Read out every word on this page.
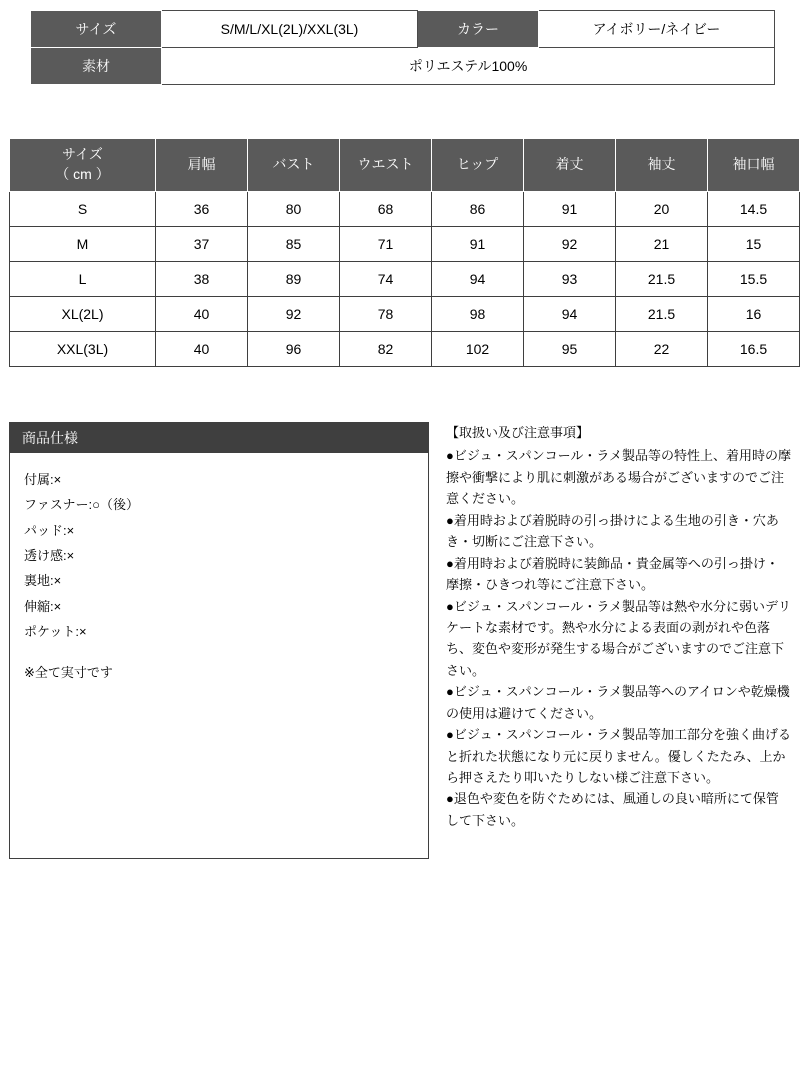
サイズ	S/M/L/XL(2L)/XXL(3L)	カラー	アイボリー/ネイビー
素材	ポリエステル100%		
サイズ
（ cm ）	肩幅	バスト	ウエスト	ヒップ	着丈	袖丈	袖口幅
S	36	80	68	86	91	20	14.5
M	37	85	71	91	92	21	15
L	38	89	74	94	93	21.5	15.5
XL(2L)	40	92	78	98	94	21.5	16
XXL(3L)	40	96	82	102	95	22	16.5
商品仕様
付属:×
ファスナー:○（後）
パッド:×
透け感:×
裏地:×
伸縮:×
ポケット:×
※全て実寸です

【取扱い及び注意事項】

●ビジュ・スパンコール・ラメ製品等の特性上、着用時の摩擦や衝撃により肌に刺激がある場合がございますのでご注意ください。

●着用時および着脱時の引っ掛けによる生地の引き・穴あき・切断にご注意下さい。

●着用時および着脱時に装飾品・貴金属等への引っ掛け・摩擦・ひきつれ等にご注意下さい。

●ビジュ・スパンコール・ラメ製品等は熱や水分に弱いデリケートな素材です。熱や水分による表面の剥がれや色落ち、変色や変形が発生する場合がございますのでご注意下さい。

●ビジュ・スパンコール・ラメ製品等へのアイロンや乾燥機の使用は避けてください。

●ビジュ・スパンコール・ラメ製品等加工部分を強く曲げると折れた状態になり元に戻りません。優しくたたみ、上から押さえたり叩いたりしない様ご注意下さい。

●退色や変色を防ぐためには、風通しの良い暗所にて保管して下さい。
